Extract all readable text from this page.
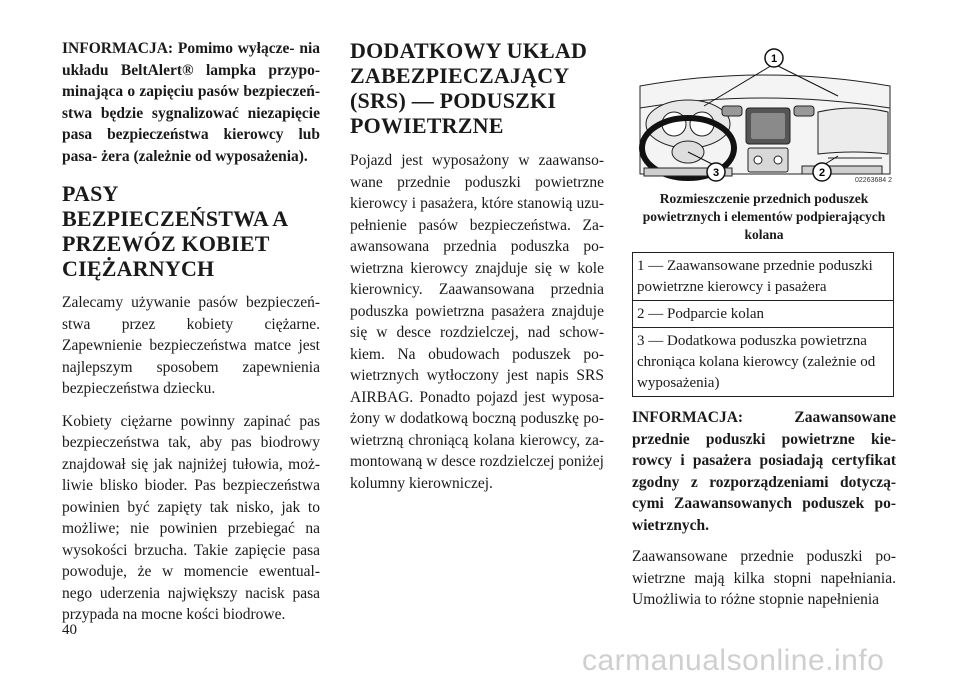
INFORMACJA: Pomimo wyłącze- nia układu BeltAlert® lampka przypo- minająca o zapięciu pasów bezpieczeń- stwa będzie sygnalizować niezapięcie pasa bezpieczeństwa kierowcy lub pasa- żera (zależnie od wyposażenia).

PASY BEZPIECZEŃSTWA A PRZEWÓZ KOBIET CIĘŻARNYCH

Zalecamy używanie pasów bezpieczeń- stwa przez kobiety ciężarne. Zapewnienie bezpieczeństwa matce jest najlepszym sposobem zapewnienia bezpieczeństwa dziecku.

Kobiety ciężarne powinny zapinać pas bezpieczeństwa tak, aby pas biodrowy znajdował się jak najniżej tułowia, moż- liwie blisko bioder. Pas bezpieczeństwa powinien być zapięty tak nisko, jak to możliwe; nie powinien przebiegać na wysokości brzucha. Takie zapięcie pasa powoduje, że w momencie ewentual- nego uderzenia największy nacisk pasa przypada na mocne kości biodrowe.

DODATKOWY UKŁAD ZABEZPIECZAJĄCY (SRS) — PODUSZKI POWIETRZNE

Pojazd jest wyposażony w zaawanso- wane przednie poduszki powietrzne kierowcy i pasażera, które stanowią uzu- pełnienie pasów bezpieczeństwa. Za- awansowana przednia poduszka po- wietrzna kierowcy znajduje się w kole kierownicy. Zaawansowana przednia poduszka powietrzna pasażera znajduje się w desce rozdzielczej, nad schow- kiem. Na obudowach poduszek po- wietrznych wytłoczony jest napis SRS AIRBAG. Ponadto pojazd jest wyposa- żony w dodatkową boczną poduszkę po- wietrzną chroniącą kolana kierowcy, za- montowaną w desce rozdzielczej poniżej kolumny kierowniczej.

1
3	2
02263684 2

Rozmieszczenie przednich poduszek powietrznych i elementów podpierających kolana

1 — Zaawansowane przednie poduszki powietrzne kierowcy i pasażera
2 — Podparcie kolan
3 — Dodatkowa poduszka powietrzna chroniąca kolana kierowcy (zależnie od wyposażenia)

INFORMACJA: Zaawansowane przednie poduszki powietrzne kie- rowcy i pasażera posiadają certyfikat zgodny z rozporządzeniami dotyczą- cymi Zaawansowanych poduszek po- wietrznych.

Zaawansowane przednie poduszki po- wietrzne mają kilka stopni napełniania. Umożliwia to różne stopnie napełnienia

40
carmanualsonline.info
